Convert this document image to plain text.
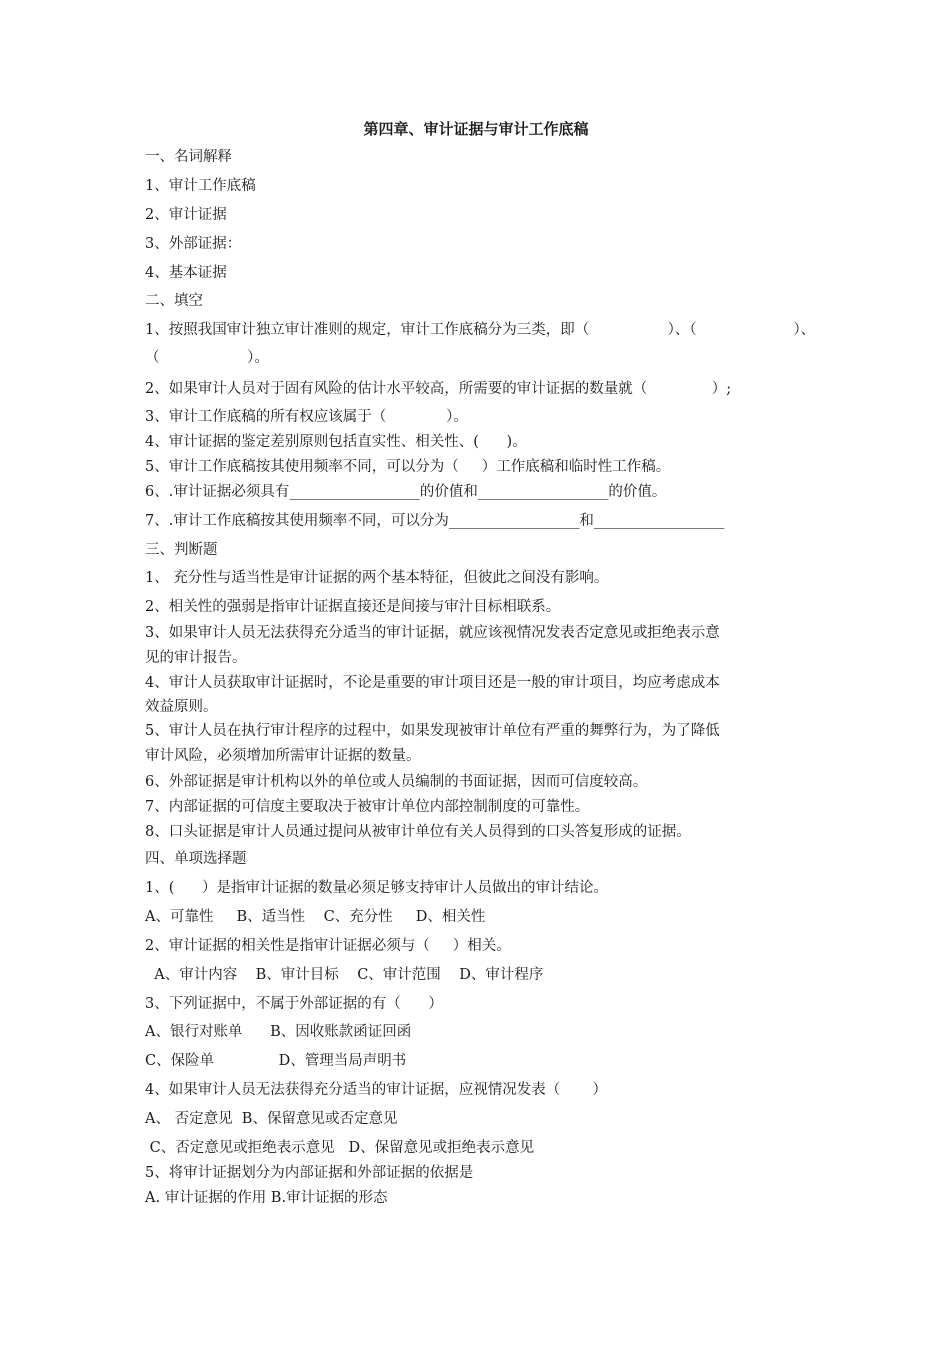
第四章、审计证据与审计工作底稿
一、名词解释
1、审计工作底稿
2、审计证据
3、外部证据：
4、基本证据
二、填空
1、按照我国审计独立审计准则的规定，审计工作底稿分为三类，即（                 ）、（                     ）、
（                   ）。
2、如果审计人员对于固有风险的估计水平较高，所需要的审计证据的数量就（              ）;
3、审计工作底稿的所有权应该属于（             ）。
4、审计证据的鉴定差别原则包括直实性、相关性、(      )。
5、审计工作底稿按其使用频率不同，可以分为（     ）工作底稿和临时性工作稿。
6、.审计证据必须具有__________________的价值和__________________的价值。
7、.审计工作底稿按其使用频率不同，可以分为__________________和__________________
三、判断题
1、 充分性与适当性是审计证据的两个基本特征，但彼此之间没有影响。
2、相关性的强弱是指审计证据直接还是间接与审汁目标相联系。
3、如果审计人员无法获得充分适当的审计证据，就应该视情况发表否定意见或拒绝表示意
见的审计报告。
4、审计人员获取审计证据时，不论是重要的审计项目还是一般的审计项目，均应考虑成本
效益原则。
5、审计人员在执行审计程序的过程中，如果发现被审计单位有严重的舞弊行为，为了降低
审计风险，必须增加所需审计证据的数量。
6、外部证据是审计机构以外的单位或人员编制的书面证据，因而可信度较高。
7、内部证据的可信度主要取决于被审计单位内部控制制度的可靠性。
8、口头证据是审计人员通过提问从被审计单位有关人员得到的口头答复形成的证据。
四、单项选择题
1、(      ）是指审计证据的数量必须足够支持审计人员做出的审计结论。
A、可靠性     B、适当性    C、充分性     D、相关性
2、审计证据的相关性是指审计证据必须与（     ）相关。
A、审计内容    B、审计目标    C、审计范围    D、审计程序
3、下列证据中，不属于外部证据的有（      ）
A、银行对账单      B、因收账款函证回函
C、保险单              D、管理当局声明书
4、如果审计人员无法获得充分适当的审计证据，应视情况发表（       ）
A、 否定意见  B、保留意见或否定意见
C、否定意见或拒绝表示意见   D、保留意见或拒绝表示意见
5、将审计证据划分为内部证据和外部证据的依据是
A. 审计证据的作用 B.审计证据的形态
